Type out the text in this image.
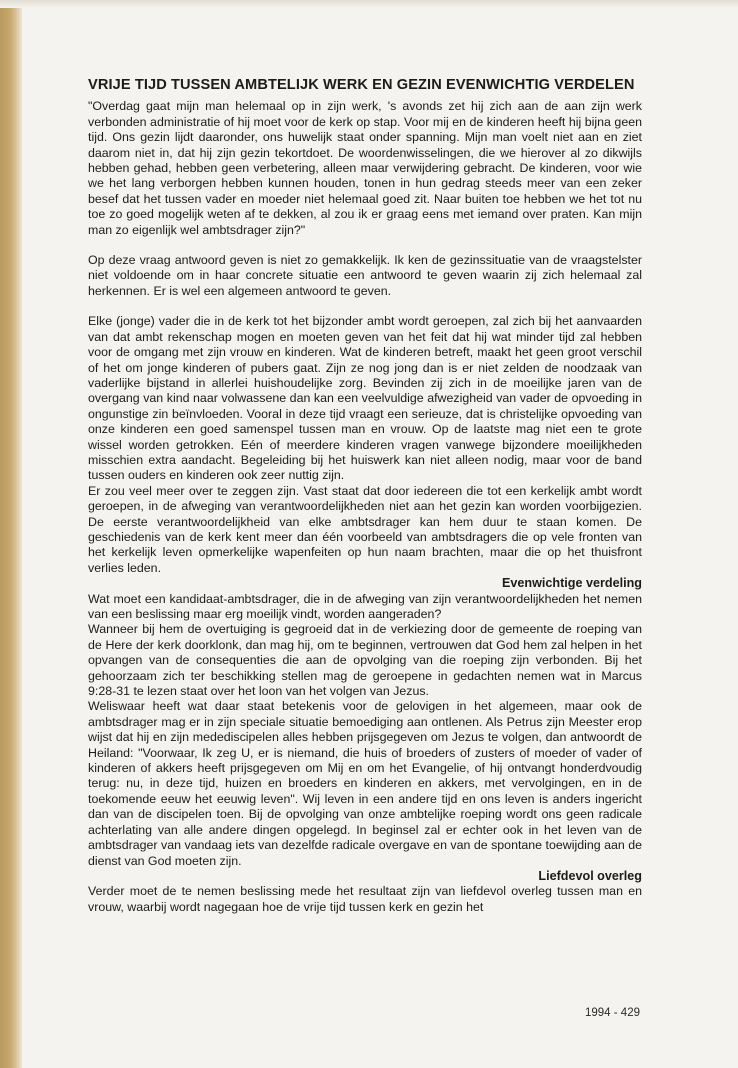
VRIJE TIJD TUSSEN AMBTELIJK WERK EN GEZIN EVENWICHTIG VERDELEN

"Overdag gaat mijn man helemaal op in zijn werk, 's avonds zet hij zich aan de aan zijn werk verbonden administratie of hij moet voor de kerk op stap. Voor mij en de kinderen heeft hij bijna geen tijd. Ons gezin lijdt daaronder, ons huwelijk staat onder spanning. Mijn man voelt niet aan en ziet daarom niet in, dat hij zijn gezin tekortdoet. De woordenwisselingen, die we hierover al zo dikwijls hebben gehad, hebben geen verbetering, alleen maar verwijdering gebracht. De kinderen, voor wie we het lang verborgen hebben kunnen houden, tonen in hun gedrag steeds meer van een zeker besef dat het tussen vader en moeder niet helemaal goed zit. Naar buiten toe hebben we het tot nu toe zo goed mogelijk weten af te dekken, al zou ik er graag eens met iemand over praten. Kan mijn man zo eigenlijk wel ambtsdrager zijn?"

Op deze vraag antwoord geven is niet zo gemakkelijk. Ik ken de gezinssituatie van de vraagstelster niet voldoende om in haar concrete situatie een antwoord te geven waarin zij zich helemaal zal herkennen. Er is wel een algemeen antwoord te geven.

Elke (jonge) vader die in de kerk tot het bijzonder ambt wordt geroepen, zal zich bij het aanvaarden van dat ambt rekenschap mogen en moeten geven van het feit dat hij wat minder tijd zal hebben voor de omgang met zijn vrouw en kinderen. Wat de kinderen betreft, maakt het geen groot verschil of het om jonge kinderen of pubers gaat. Zijn ze nog jong dan is er niet zelden de noodzaak van vaderlijke bijstand in allerlei huishoudelijke zorg. Bevinden zij zich in de moeilijke jaren van de overgang van kind naar volwassene dan kan een veelvuldige afwezigheid van vader de opvoeding in ongunstige zin beïnvloeden. Vooral in deze tijd vraagt een serieuze, dat is christelijke opvoeding van onze kinderen een goed samenspel tussen man en vrouw. Op de laatste mag niet een te grote wissel worden getrokken. Eén of meerdere kinderen vragen vanwege bijzondere moeilijkheden misschien extra aandacht. Begeleiding bij het huiswerk kan niet alleen nodig, maar voor de band tussen ouders en kinderen ook zeer nuttig zijn.

Er zou veel meer over te zeggen zijn. Vast staat dat door iedereen die tot een kerkelijk ambt wordt geroepen, in de afweging van verantwoordelijkheden niet aan het gezin kan worden voorbijgezien. De eerste verantwoordelijkheid van elke ambtsdrager kan hem duur te staan komen. De geschiedenis van de kerk kent meer dan één voorbeeld van ambtsdragers die op vele fronten van het kerkelijk leven opmerkelijke wapenfeiten op hun naam brachten, maar die op het thuisfront verlies leden.

Evenwichtige verdeling

Wat moet een kandidaat-ambtsdrager, die in de afweging van zijn verantwoordelijkheden het nemen van een beslissing maar erg moeilijk vindt, worden aangeraden?

Wanneer bij hem de overtuiging is gegroeid dat in de verkiezing door de gemeente de roeping van de Here der kerk doorklonk, dan mag hij, om te beginnen, vertrouwen dat God hem zal helpen in het opvangen van de consequenties die aan de opvolging van die roeping zijn verbonden. Bij het gehoorzaam zich ter beschikking stellen mag de geroepene in gedachten nemen wat in Marcus 9:28-31 te lezen staat over het loon van het volgen van Jezus.

Weliswaar heeft wat daar staat betekenis voor de gelovigen in het algemeen, maar ook de ambtsdrager mag er in zijn speciale situatie bemoediging aan ontlenen. Als Petrus zijn Meester erop wijst dat hij en zijn medediscipelen alles hebben prijsgegeven om Jezus te volgen, dan antwoordt de Heiland: "Voorwaar, Ik zeg U, er is niemand, die huis of broeders of zusters of moeder of vader of kinderen of akkers heeft prijsgegeven om Mij en om het Evangelie, of hij ontvangt honderdvoudig terug: nu, in deze tijd, huizen en broeders en kinderen en akkers, met vervolgingen, en in de toekomende eeuw het eeuwig leven". Wij leven in een andere tijd en ons leven is anders ingericht dan van de discipelen toen. Bij de opvolging van onze ambtelijke roeping wordt ons geen radicale achterlating van alle andere dingen opgelegd. In beginsel zal er echter ook in het leven van de ambtsdrager van vandaag iets van dezelfde radicale overgave en van de spontane toewijding aan de dienst van God moeten zijn.

Liefdevol overleg

Verder moet de te nemen beslissing mede het resultaat zijn van liefdevol overleg tussen man en vrouw, waarbij wordt nagegaan hoe de vrije tijd tussen kerk en gezin het

1994 - 429
